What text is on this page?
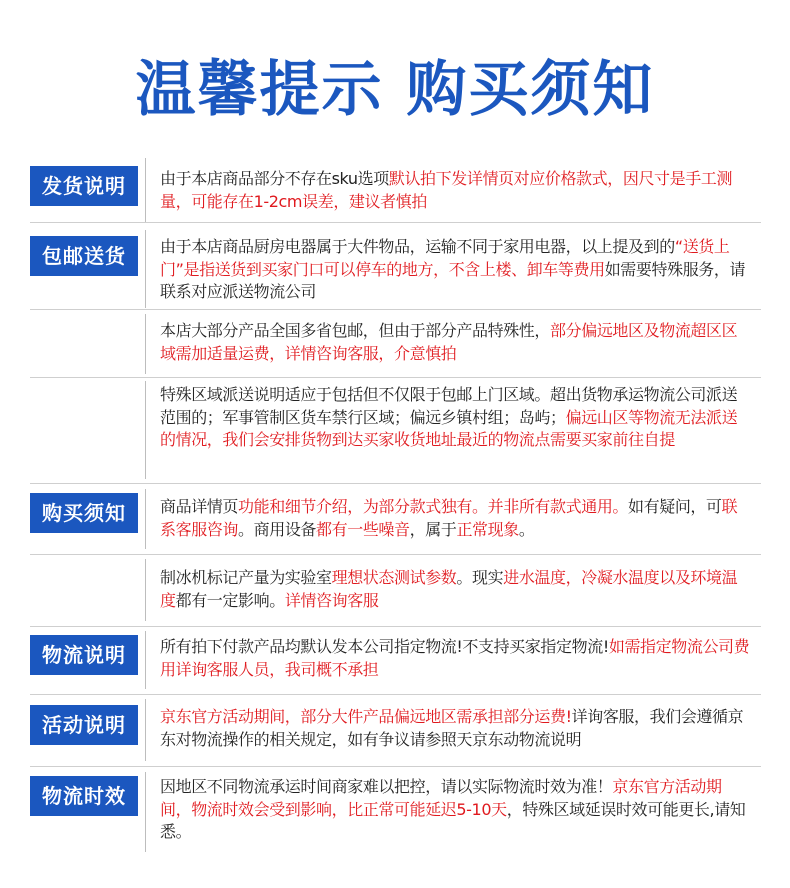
温馨提示 购买须知
发货说明	由于本店商品部分不存在sku选项默认拍下发详情页对应价格款式，因尺寸是手工测量，可能存在1-2cm误差，建议者慎拍
包邮送货	由于本店商品厨房电器属于大件物品，运输不同于家用电器，以上提及到的“送货上门”是指送货到买家门口可以停车的地方，不含上楼、卸车等费用如需要特殊服务，请联系对应派送物流公司
本店大部分产品全国多省包邮，但由于部分产品特殊性，部分偏远地区及物流超区区域需加适量运费，详情咨询客服，介意慎拍
特殊区域派送说明适应于包括但不仅限于包邮上门区域。超出货物承运物流公司派送范围的；军事管制区货车禁行区域；偏远乡镇村组；岛屿；偏远山区等物流无法派送的情况，我们会安排货物到达买家收货地址最近的物流点需要买家前往自提
购买须知	商品详情页功能和细节介绍，为部分款式独有。并非所有款式通用。如有疑问，可联系客服咨询。商用设备都有一些噪音，属于正常现象。
制冰机标记产量为实验室理想状态测试参数。现实进水温度，冷凝水温度以及环境温度都有一定影响。详情咨询客服
物流说明	所有拍下付款产品均默认发本公司指定物流!不支持买家指定物流!如需指定物流公司费用详询客服人员，我司概不承担
活动说明	京东官方活动期间，部分大件产品偏远地区需承担部分运费!详询客服，我们会遵循京东对物流操作的相关规定，如有争议请参照天京东动物流说明
物流时效	因地区不同物流承运时间商家难以把控，请以实际物流时效为准！京东官方活动期间，物流时效会受到影响，比正常可能延迟5-10天，特殊区域延误时效可能更长,请知悉。
